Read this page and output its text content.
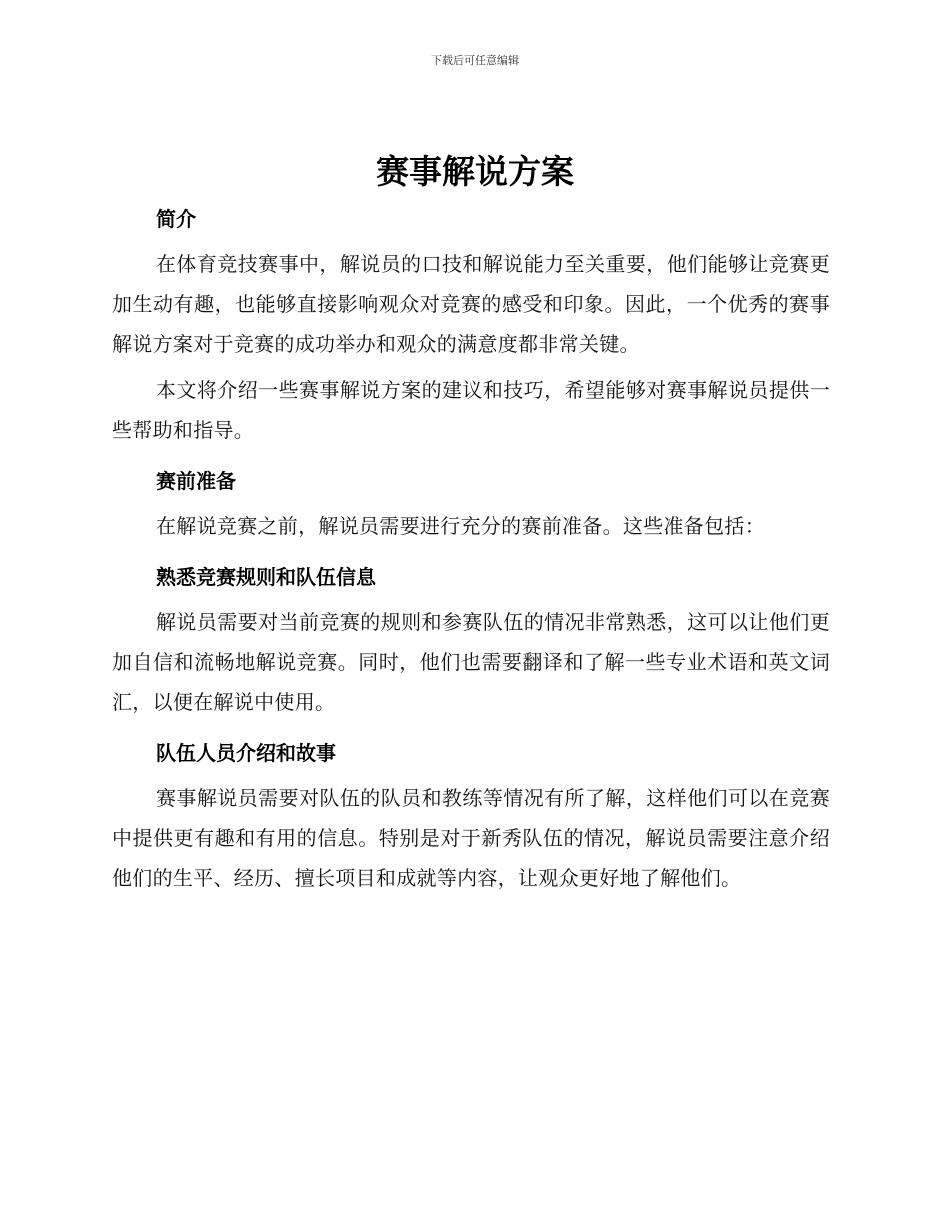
下载后可任意编辑
赛事解说方案
简介

在体育竞技赛事中，解说员的口技和解说能力至关重要，他们能够让竞赛更加生动有趣，也能够直接影响观众对竞赛的感受和印象。因此，一个优秀的赛事解说方案对于竞赛的成功举办和观众的满意度都非常关键。

本文将介绍一些赛事解说方案的建议和技巧，希望能够对赛事解说员提供一些帮助和指导。

赛前准备

在解说竞赛之前，解说员需要进行充分的赛前准备。这些准备包括：

熟悉竞赛规则和队伍信息

解说员需要对当前竞赛的规则和参赛队伍的情况非常熟悉，这可以让他们更加自信和流畅地解说竞赛。同时，他们也需要翻译和了解一些专业术语和英文词汇，以便在解说中使用。

队伍人员介绍和故事

赛事解说员需要对队伍的队员和教练等情况有所了解，这样他们可以在竞赛中提供更有趣和有用的信息。特别是对于新秀队伍的情况，解说员需要注意介绍他们的生平、经历、擅长项目和成就等内容，让观众更好地了解他们。
